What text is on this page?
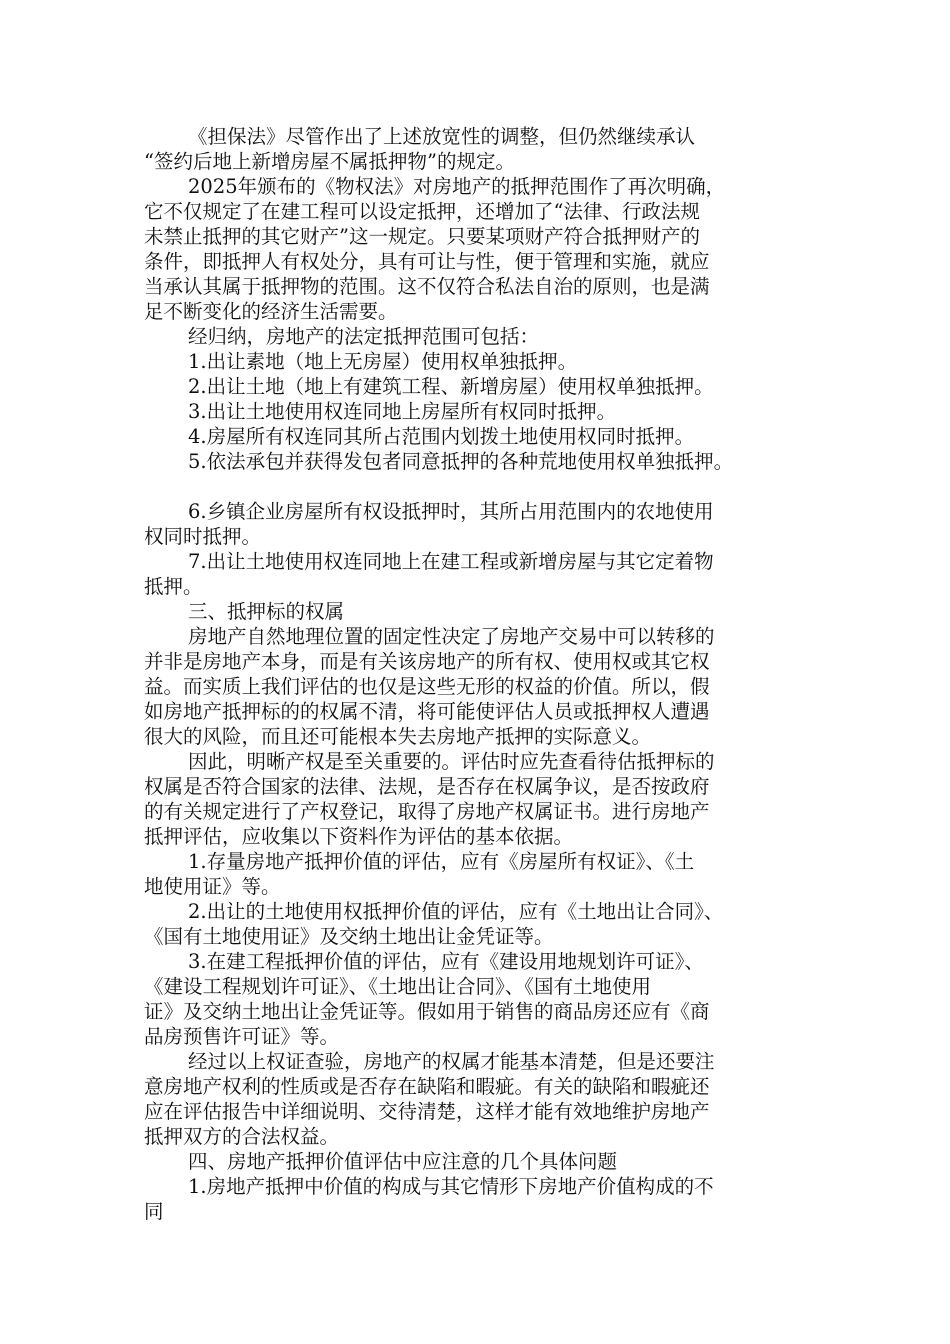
《担保法》尽管作出了上述放宽性的调整，但仍然继续承认
“签约后地上新增房屋不属抵押物”的规定。
2025年颁布的《物权法》对房地产的抵押范围作了再次明确，
它不仅规定了在建工程可以设定抵押，还增加了“法律、行政法规
未禁止抵押的其它财产”这一规定。只要某项财产符合抵押财产的
条件，即抵押人有权处分，具有可让与性，便于管理和实施，就应
当承认其属于抵押物的范围。这不仅符合私法自治的原则，也是满
足不断变化的经济生活需要。
经归纳，房地产的法定抵押范围可包括：
1.出让素地（地上无房屋）使用权单独抵押。
2.出让土地（地上有建筑工程、新增房屋）使用权单独抵押。
3.出让土地使用权连同地上房屋所有权同时抵押。
4.房屋所有权连同其所占范围内划拨土地使用权同时抵押。
5.依法承包并获得发包者同意抵押的各种荒地使用权单独抵押。
6.乡镇企业房屋所有权设抵押时，其所占用范围内的农地使用
权同时抵押。
7.出让土地使用权连同地上在建工程或新增房屋与其它定着物
抵押。
三、抵押标的权属
房地产自然地理位置的固定性决定了房地产交易中可以转移的
并非是房地产本身，而是有关该房地产的所有权、使用权或其它权
益。而实质上我们评估的也仅是这些无形的权益的价值。所以，假
如房地产抵押标的的权属不清，将可能使评估人员或抵押权人遭遇
很大的风险，而且还可能根本失去房地产抵押的实际意义。
因此，明晰产权是至关重要的。评估时应先查看待估抵押标的
权属是否符合国家的法律、法规，是否存在权属争议，是否按政府
的有关规定进行了产权登记，取得了房地产权属证书。进行房地产
抵押评估，应收集以下资料作为评估的基本依据。
1.存量房地产抵押价值的评估，应有《房屋所有权证》、《土
地使用证》等。
2.出让的土地使用权抵押价值的评估，应有《土地出让合同》、
《国有土地使用证》及交纳土地出让金凭证等。
3.在建工程抵押价值的评估，应有《建设用地规划许可证》、
《建设工程规划许可证》、《土地出让合同》、《国有土地使用
证》及交纳土地出让金凭证等。假如用于销售的商品房还应有《商
品房预售许可证》等。
经过以上权证查验，房地产的权属才能基本清楚，但是还要注
意房地产权利的性质或是否存在缺陷和暇疵。有关的缺陷和暇疵还
应在评估报告中详细说明、交待清楚，这样才能有效地维护房地产
抵押双方的合法权益。
四、房地产抵押价值评估中应注意的几个具体问题
1.房地产抵押中价值的构成与其它情形下房地产价值构成的不
同
